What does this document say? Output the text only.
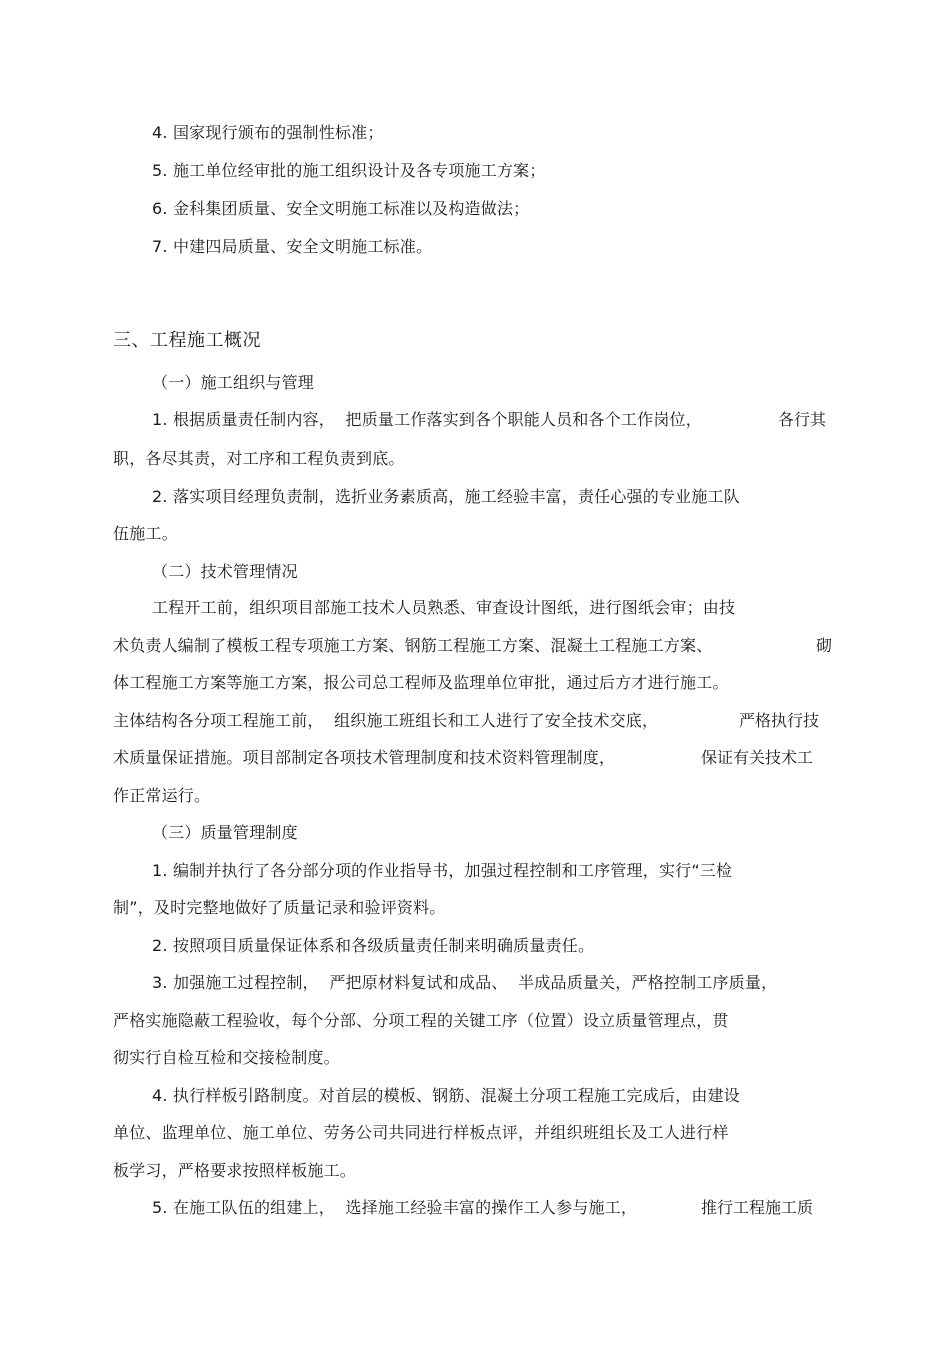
4. 国家现行颁布的强制性标准；
5. 施工单位经审批的施工组织设计及各专项施工方案；
6. 金科集团质量、安全文明施工标准以及构造做法；
7. 中建四局质量、安全文明施工标准。
三、工程施工概况
（一）施工组织与管理
1. 根据质量责任制内容，  把质量工作落实到各个职能人员和各个工作岗位，	各行其
职，各尽其责，对工序和工程负责到底。
2. 落实项目经理负责制，选折业务素质高，施工经验丰富，责任心强的专业施工队
伍施工。
（二）技术管理情况
工程开工前，组织项目部施工技术人员熟悉、审查设计图纸，进行图纸会审；由技
术负责人编制了模板工程专项施工方案、钢筋工程施工方案、混凝土工程施工方案、	砌
体工程施工方案等施工方案，报公司总工程师及监理单位审批，通过后方才进行施工。
主体结构各分项工程施工前，  组织施工班组长和工人进行了安全技术交底，	严格执行技
术质量保证措施。项目部制定各项技术管理制度和技术资料管理制度，	保证有关技术工
作正常运行。
（三）质量管理制度
1. 编制并执行了各分部分项的作业指导书，加强过程控制和工序管理，实行“三检
制”，及时完整地做好了质量记录和验评资料。
2. 按照项目质量保证体系和各级质量责任制来明确质量责任。
3. 加强施工过程控制，  严把原材料复试和成品、  半成品质量关，严格控制工序质量，
严格实施隐蔽工程验收，每个分部、分项工程的关键工序（位置）设立质量管理点，贯
彻实行自检互检和交接检制度。
4. 执行样板引路制度。对首层的模板、钢筋、混凝土分项工程施工完成后，由建设
单位、监理单位、施工单位、劳务公司共同进行样板点评，并组织班组长及工人进行样
板学习，严格要求按照样板施工。
5. 在施工队伍的组建上，  选择施工经验丰富的操作工人参与施工，	推行工程施工质
